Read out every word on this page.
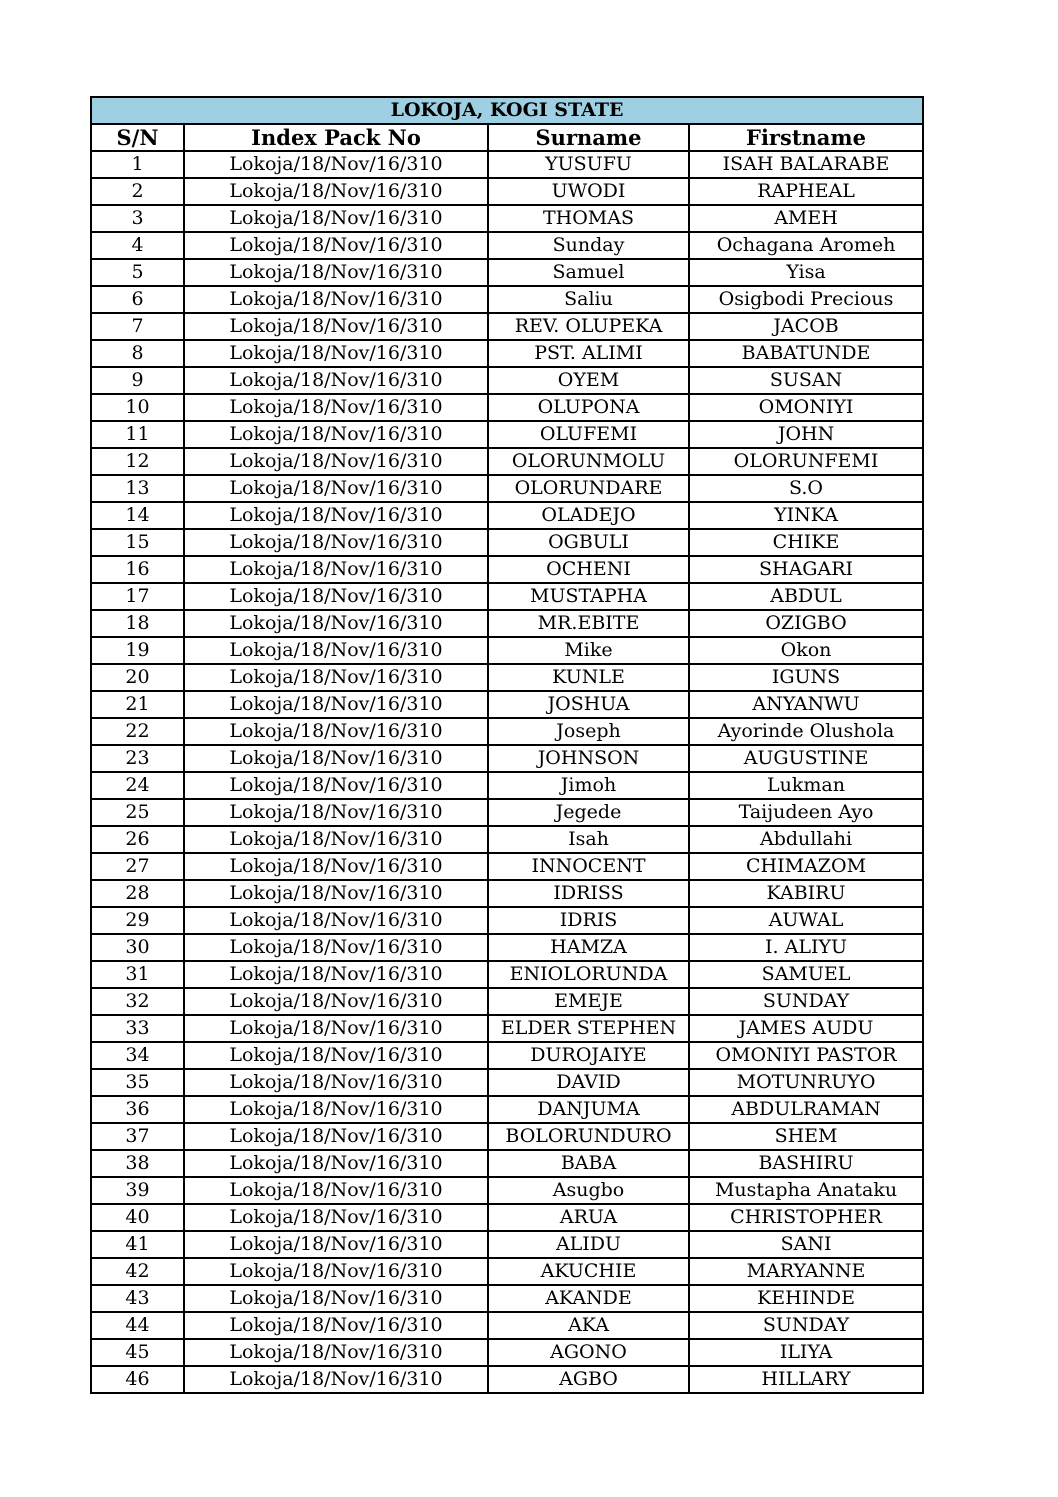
LOKOJA, KOGI STATE			
S/N	Index Pack No	Surname	Firstname
1	Lokoja/18/Nov/16/310	YUSUFU	ISAH BALARABE
2	Lokoja/18/Nov/16/310	UWODI	RAPHEAL
3	Lokoja/18/Nov/16/310	THOMAS	AMEH
4	Lokoja/18/Nov/16/310	Sunday	Ochagana Aromeh
5	Lokoja/18/Nov/16/310	Samuel	Yisa
6	Lokoja/18/Nov/16/310	Saliu	Osigbodi Precious
7	Lokoja/18/Nov/16/310	REV. OLUPEKA	JACOB
8	Lokoja/18/Nov/16/310	PST. ALIMI	BABATUNDE
9	Lokoja/18/Nov/16/310	OYEM	SUSAN
10	Lokoja/18/Nov/16/310	OLUPONA	OMONIYI
11	Lokoja/18/Nov/16/310	OLUFEMI	JOHN
12	Lokoja/18/Nov/16/310	OLORUNMOLU	OLORUNFEMI
13	Lokoja/18/Nov/16/310	OLORUNDARE	S.O
14	Lokoja/18/Nov/16/310	OLADEJO	YINKA
15	Lokoja/18/Nov/16/310	OGBULI	CHIKE
16	Lokoja/18/Nov/16/310	OCHENI	SHAGARI
17	Lokoja/18/Nov/16/310	MUSTAPHA	ABDUL
18	Lokoja/18/Nov/16/310	MR.EBITE	OZIGBO
19	Lokoja/18/Nov/16/310	Mike	Okon
20	Lokoja/18/Nov/16/310	KUNLE	IGUNS
21	Lokoja/18/Nov/16/310	JOSHUA	ANYANWU
22	Lokoja/18/Nov/16/310	Joseph	Ayorinde Olushola
23	Lokoja/18/Nov/16/310	JOHNSON	AUGUSTINE
24	Lokoja/18/Nov/16/310	Jimoh	Lukman
25	Lokoja/18/Nov/16/310	Jegede	Taijudeen Ayo
26	Lokoja/18/Nov/16/310	Isah	Abdullahi
27	Lokoja/18/Nov/16/310	INNOCENT	CHIMAZOM
28	Lokoja/18/Nov/16/310	IDRISS	KABIRU
29	Lokoja/18/Nov/16/310	IDRIS	AUWAL
30	Lokoja/18/Nov/16/310	HAMZA	I. ALIYU
31	Lokoja/18/Nov/16/310	ENIOLORUNDA	SAMUEL
32	Lokoja/18/Nov/16/310	EMEJE	SUNDAY
33	Lokoja/18/Nov/16/310	ELDER STEPHEN	JAMES AUDU
34	Lokoja/18/Nov/16/310	DUROJAIYE	OMONIYI PASTOR
35	Lokoja/18/Nov/16/310	DAVID	MOTUNRUYO
36	Lokoja/18/Nov/16/310	DANJUMA	ABDULRAMAN
37	Lokoja/18/Nov/16/310	BOLORUNDURO	SHEM
38	Lokoja/18/Nov/16/310	BABA	BASHIRU
39	Lokoja/18/Nov/16/310	Asugbo	Mustapha Anataku
40	Lokoja/18/Nov/16/310	ARUA	CHRISTOPHER
41	Lokoja/18/Nov/16/310	ALIDU	SANI
42	Lokoja/18/Nov/16/310	AKUCHIE	MARYANNE
43	Lokoja/18/Nov/16/310	AKANDE	KEHINDE
44	Lokoja/18/Nov/16/310	AKA	SUNDAY
45	Lokoja/18/Nov/16/310	AGONO	ILIYA
46	Lokoja/18/Nov/16/310	AGBO	HILLARY
